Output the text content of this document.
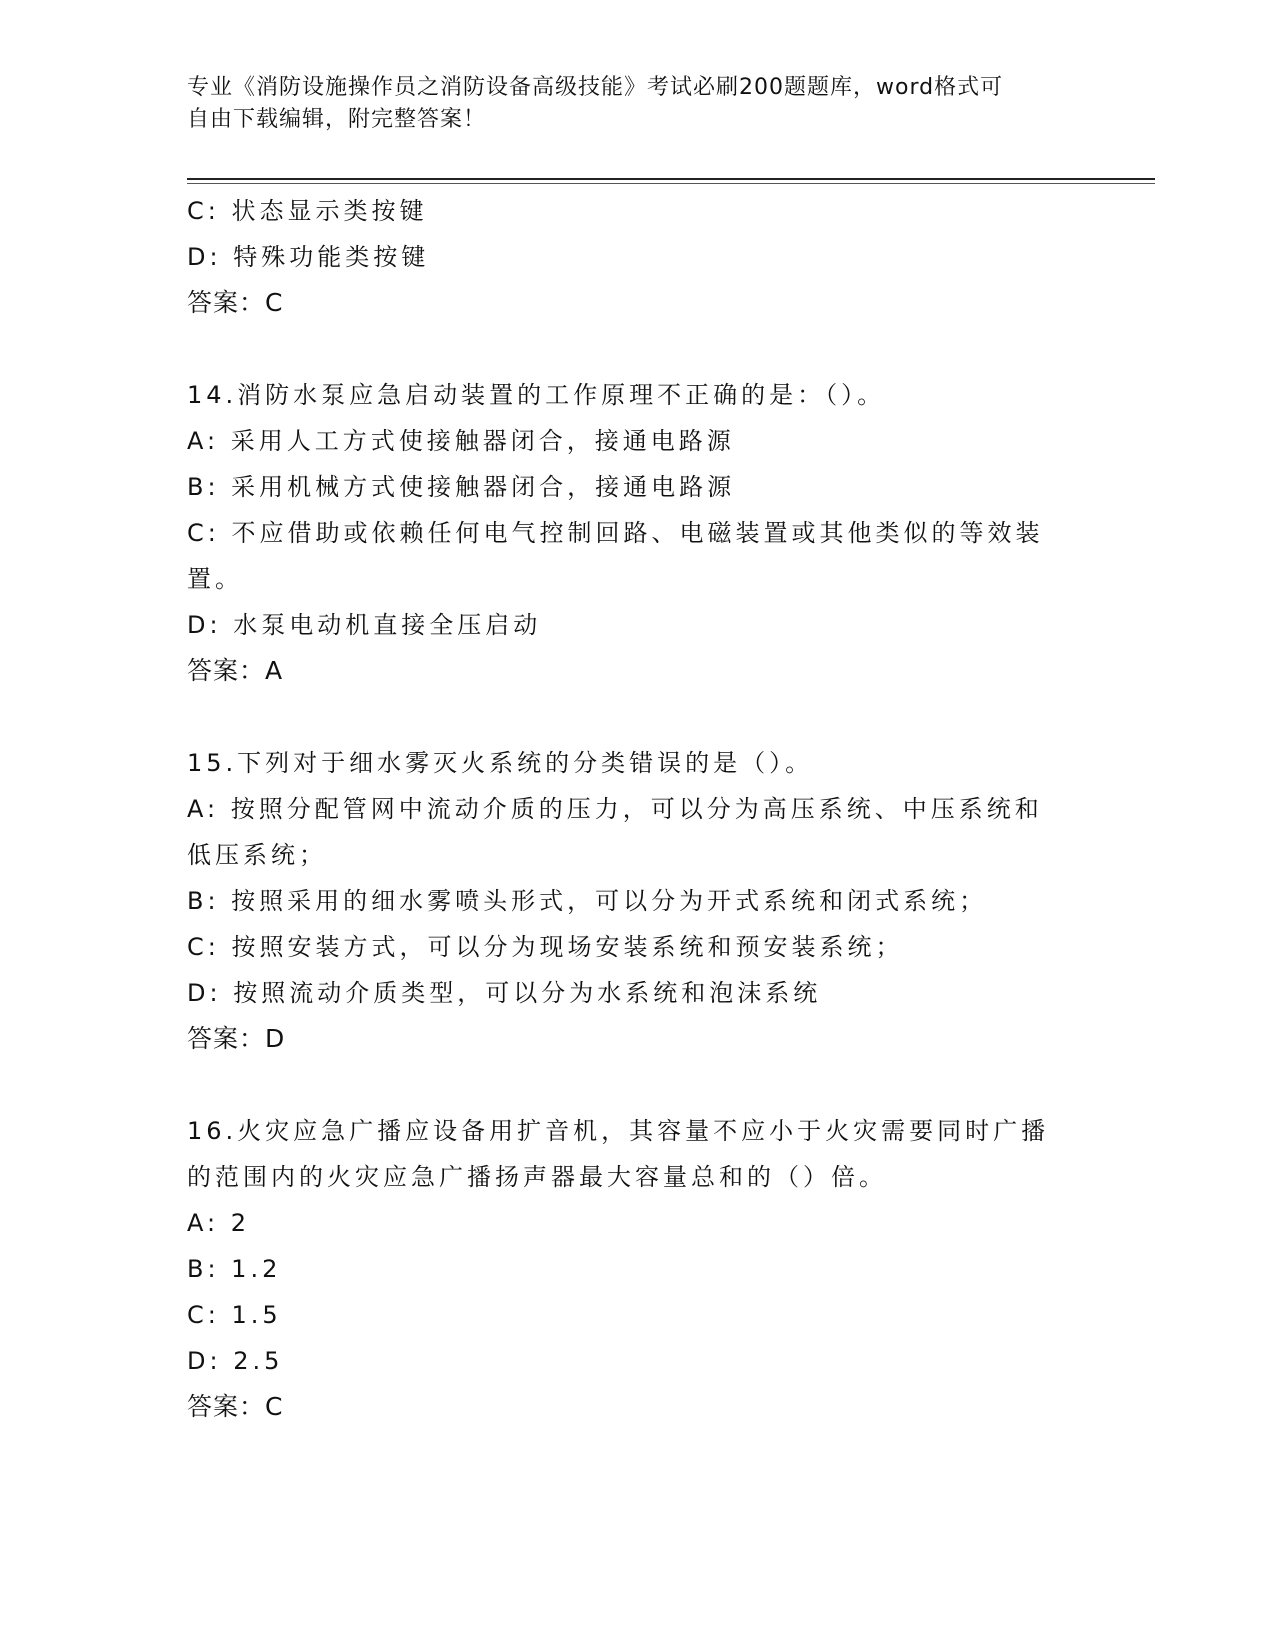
专业《消防设施操作员之消防设备高级技能》考试必刷200题题库，word格式可
自由下载编辑，附完整答案！
C: 状态显示类按键
D: 特殊功能类按键
答案：C
14.消防水泵应急启动装置的工作原理不正确的是：（）。
A: 采用人工方式使接触器闭合，接通电路源
B: 采用机械方式使接触器闭合，接通电路源
C: 不应借助或依赖任何电气控制回路、电磁装置或其他类似的等效装
置。
D: 水泵电动机直接全压启动
答案：A
15.下列对于细水雾灭火系统的分类错误的是（）。
A: 按照分配管网中流动介质的压力，可以分为高压系统、中压系统和
低压系统；
B: 按照采用的细水雾喷头形式，可以分为开式系统和闭式系统；
C: 按照安装方式，可以分为现场安装系统和预安装系统；
D: 按照流动介质类型，可以分为水系统和泡沫系统
答案：D
16.火灾应急广播应设备用扩音机，其容量不应小于火灾需要同时广播
的范围内的火灾应急广播扬声器最大容量总和的（）倍。
A: 2
B: 1.2
C: 1.5
D: 2.5
答案：C
